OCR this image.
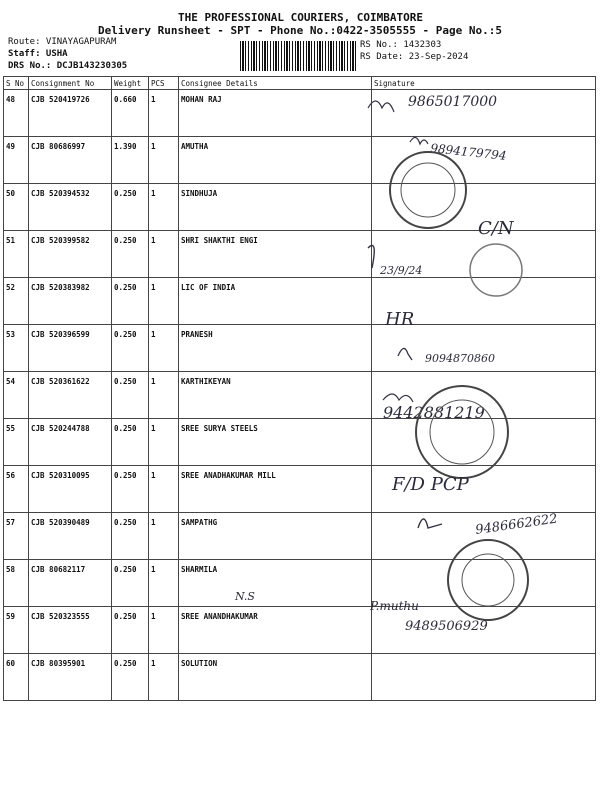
THE PROFESSIONAL COURIERS, COIMBATORE
Delivery Runsheet - SPT - Phone No.:0422-3505555 - Page No.:5
Route: VINAYAGAPURAM
Staff: USHA
DRS No.: DCJB143230305
RS No.: 1432303
RS Date: 23-Sep-2024
S No	Consignment No	Weight	PCS	Consignee Details	Signature
48	CJB 520419726	0.660	1	MOHAN RAJ	
49	CJB 80686997	1.390	1	AMUTHA	
50	CJB 520394532	0.250	1	SINDHUJA	
51	CJB 520399582	0.250	1	SHRI SHAKTHI ENGI	
52	CJB 520383982	0.250	1	LIC OF INDIA	
53	CJB 520396599	0.250	1	PRANESH	
54	CJB 520361622	0.250	1	KARTHIKEYAN	
55	CJB 520244788	0.250	1	SREE SURYA STEELS	
56	CJB 520310095	0.250	1	SREE ANADHAKUMAR MILL	
57	CJB 520390489	0.250	1	SAMPATHG	
58	CJB 80682117	0.250	1	SHARMILA	
59	CJB 520323555	0.250	1	SREE ANANDHAKUMAR	
60	CJB 80395901	0.250	1	SOLUTION	
9865017000
9894179794
C/N
23/9/24
HR
9094870860
9442881219
F/D PCP
9486662622
N.S
P.muthu
9489506929
